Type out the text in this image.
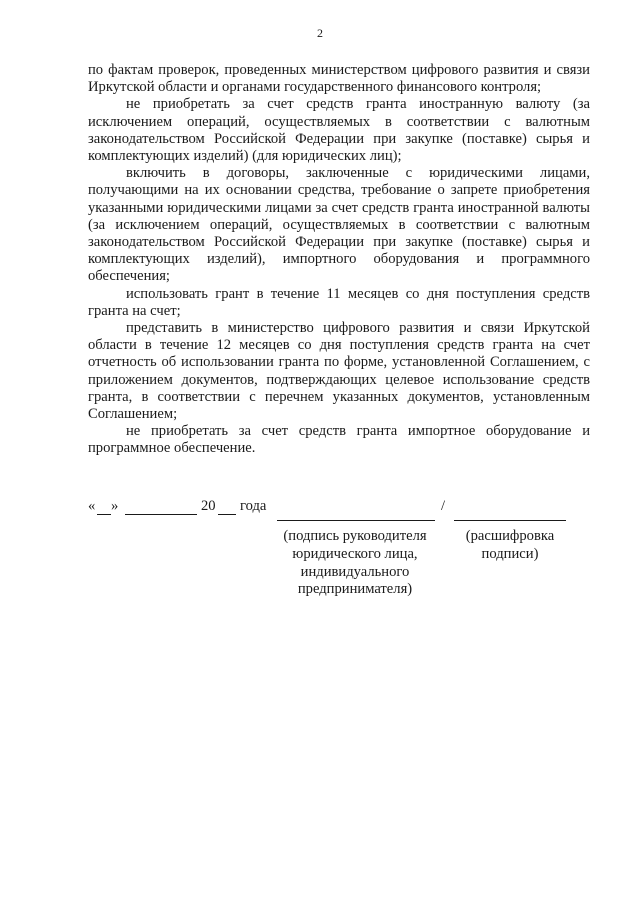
2

по фактам проверок, проведенных министерством цифрового развития и связи Иркутской области и органами государственного финансового контроля;

не приобретать за счет средств гранта иностранную валюту (за исключением операций, осуществляемых в соответствии с валютным законодательством Российской Федерации при закупке (поставке) сырья и комплектующих изделий) (для юридических лиц);

включить в договоры, заключенные с юридическими лицами, получающими на их основании средства, требование о запрете приобретения указанными юридическими лицами за счет средств гранта иностранной валюты (за исключением операций, осуществляемых в соответствии с валютным законодательством Российской Федерации при закупке (поставке) сырья и комплектующих изделий), импортного оборудования и программного обеспечения;

использовать грант в течение 11 месяцев со дня поступления средств гранта на счет;

представить в министерство цифрового развития и связи Иркутской области в течение 12 месяцев со дня поступления средств гранта на счет отчетность об использовании гранта по форме, установленной Соглашением, с приложением документов, подтверждающих целевое использование средств гранта, в соответствии с перечнем указанных документов, установленным Соглашением;

не приобретать за счет средств гранта импортное оборудование и программное обеспечение.

« »	20 года	/
(подпись руководителя юридического лица, индивидуального предпринимателя)
(расшифровка подписи)
